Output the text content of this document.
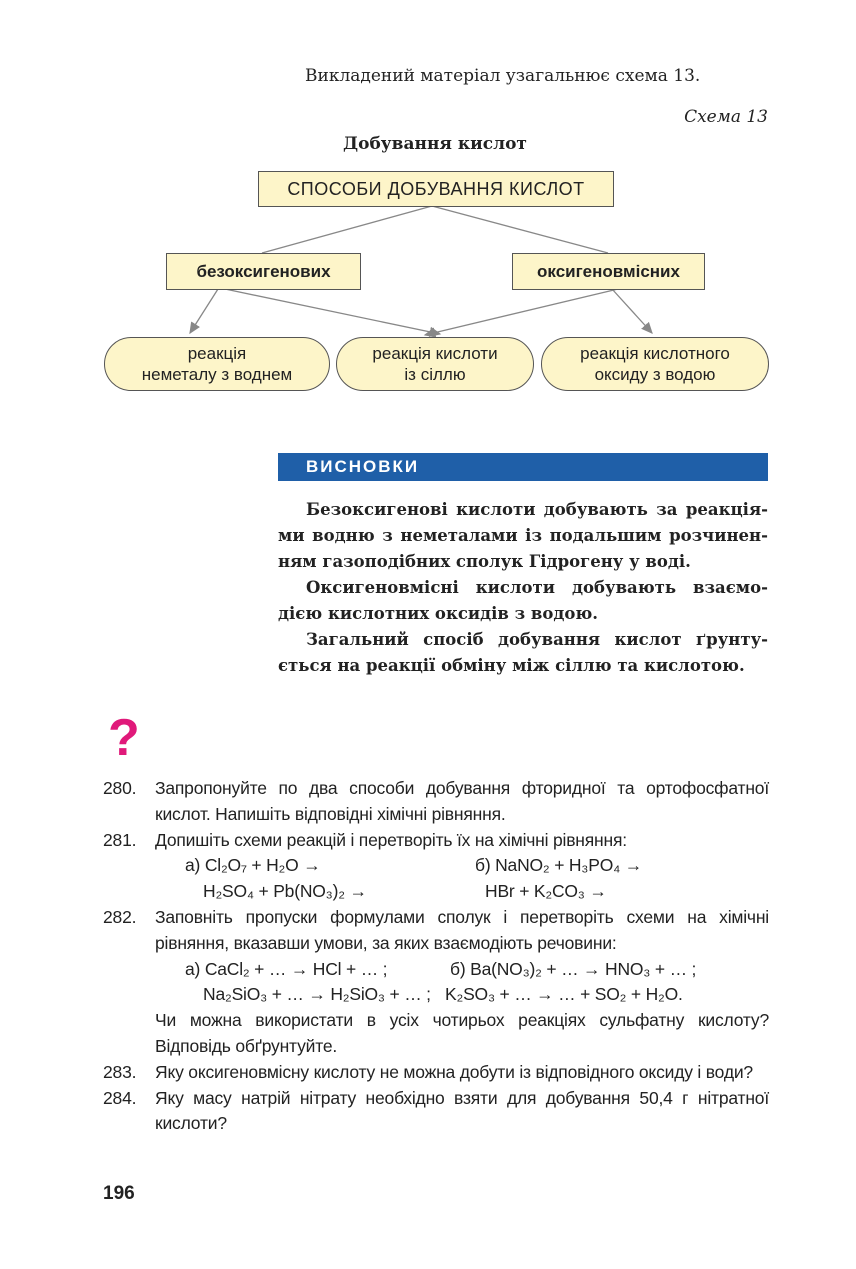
Викладений матеріал узагальнює схема 13.
Схема 13
Добування кислот
СПОСОБИ ДОБУВАННЯ КИСЛОТ
безоксигенових	оксигеновмісних
реакція
неметалу з воднем
реакція кислоти
із сіллю
реакція кислотного
оксиду з водою
ВИСНОВКИ

Безоксигенові кислоти добувають за реакціями водню з неметалами із подальшим розчиненням газоподібних сполук Гідрогену у воді.

Оксигеновмісні кислоти добувають взаємодією кислотних оксидів з водою.

Загальний спосіб добування кислот ґрунтується на реакції обміну між сіллю та кислотою.

?
280. Запропонуйте по два способи добування фторидної та ортофосфатної кислот. Напишіть відповідні хімічні рівняння.
281. Допишіть схеми реакцій і перетворіть їх на хімічні рівняння:
а) Cl₂O₇ + H₂O →	б) NaNO₂ + H₃PO₄ →
H₂SO₄ + Pb(NO₃)₂ →	HBr + K₂CO₃ →
282. Заповніть пропуски формулами сполук і перетворіть схеми на хімічні рівняння, вказавши умови, за яких взаємодіють речовини:
а) CaCl₂ + … → HCl + … ;	б) Ba(NO₃)₂ + … → HNO₃ + … ;
Na₂SiO₃ + … → H₂SiO₃ + … ; K₂SO₃ + … → … + SO₂ + H₂O.
Чи можна використати в усіх чотирьох реакціях сульфатну кислоту? Відповідь обґрунтуйте.
283. Яку оксигеновмісну кислоту не можна добути із відповідного оксиду і води?
284. Яку масу натрій нітрату необхідно взяти для добування 50,4 г нітратної кислоти?
196
